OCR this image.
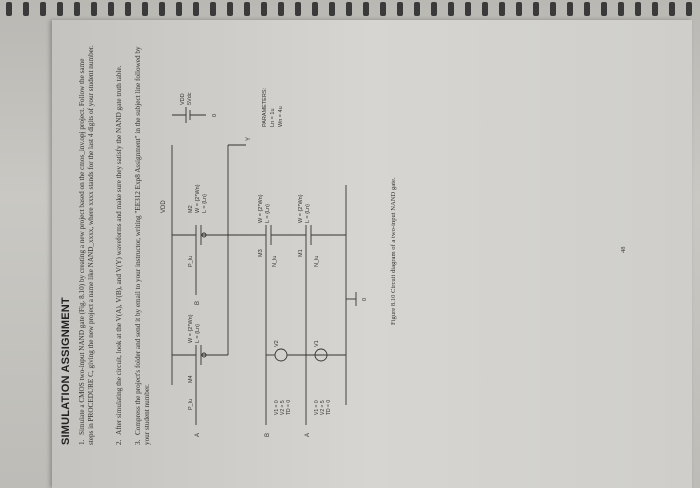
SIMULATION ASSIGNMENT 1.Simulate a CMOS two-input NAND gate (Fig. 8.10) by creating a new project based on the cmos_inv.opj project. Follow the same steps in PROCEDURE C, giving the new project a name like NAND_xxxx, where xxxx stands for the last 4 digits of your student number.	2.After simulating the circuit, look at the V(A), V(B), and V(Y) waveforms and make sure they satisfy the NAND gate truth table.
3.Compress the project's folder and send it by email to your instructor, writing "EE312 Exp8 Assignment" in the subject line followed by your student number.
VDD
M4
W = {2*Wn} L = {Ln}
P_lu
M2 W = {2*Wn} L = {Ln}
P_lu
Y
M3
W = {2*Wn} L = {Ln}
N_lu
M1
W = {2*Wn} L = {Ln}
N_lu
0
A	A
B
B
V2	V1
V1 = 0 V2 = 5 TD = 0	V1 = 0 V2 = 5 TD = 0
VDD 5Vdc
0	PARAMETERS: Ln = 1u Wn = 4u
Figure 8.10 Circuit diagram of a two-input NAND gate.	48
